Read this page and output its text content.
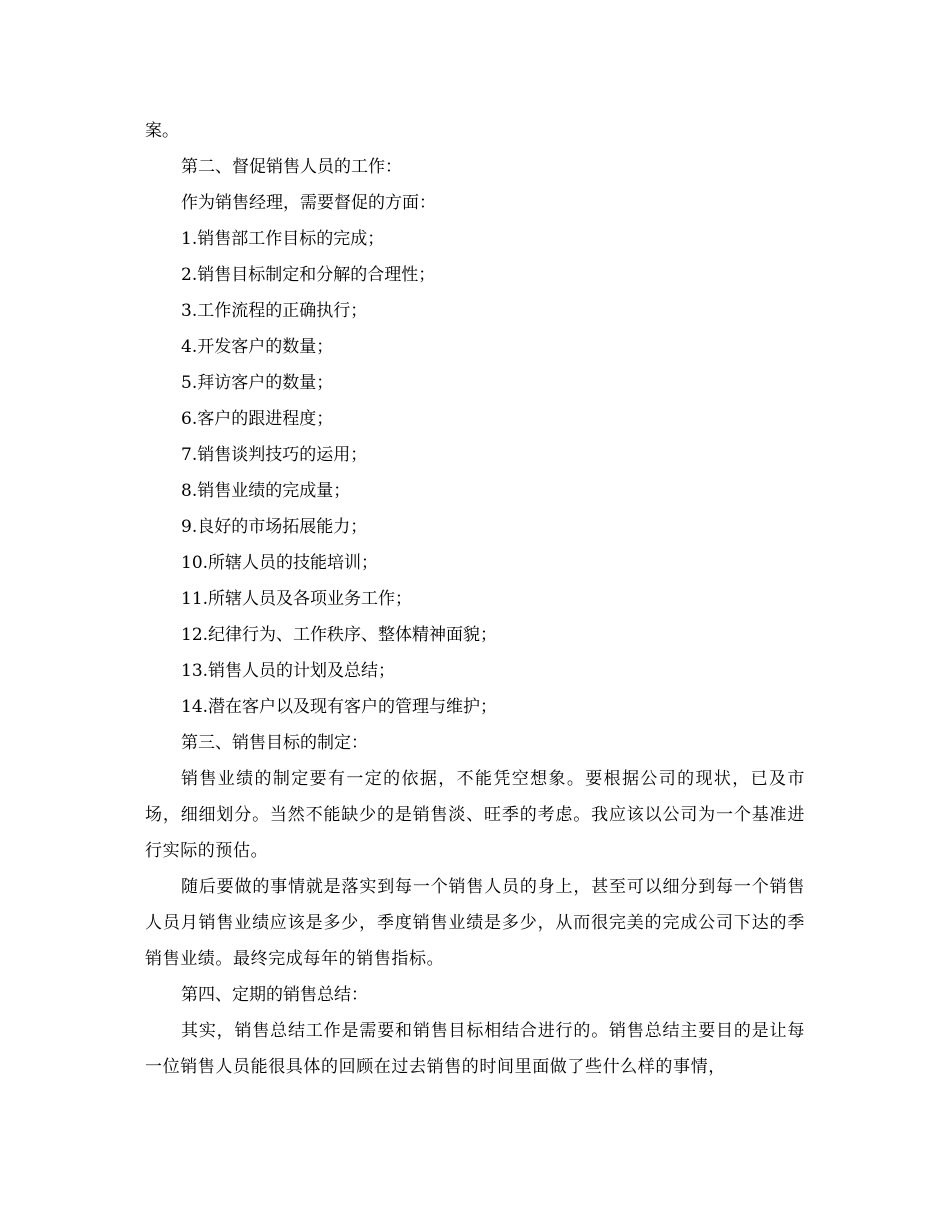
案。

第二、督促销售人员的工作：

作为销售经理，需要督促的方面：

1.销售部工作目标的完成；

2.销售目标制定和分解的合理性；

3.工作流程的正确执行；

4.开发客户的数量；

5.拜访客户的数量；

6.客户的跟进程度；

7.销售谈判技巧的运用；

8.销售业绩的完成量；

9.良好的市场拓展能力；

10.所辖人员的技能培训；

11.所辖人员及各项业务工作；

12.纪律行为、工作秩序、整体精神面貌；

13.销售人员的计划及总结；

14.潜在客户以及现有客户的管理与维护；

第三、销售目标的制定：

销售业绩的制定要有一定的依据，不能凭空想象。要根据公司的现状，已及市场，细细划分。当然不能缺少的是销售淡、旺季的考虑。我应该以公司为一个基准进行实际的预估。

随后要做的事情就是落实到每一个销售人员的身上，甚至可以细分到每一个销售人员月销售业绩应该是多少，季度销售业绩是多少，从而很完美的完成公司下达的季销售业绩。最终完成每年的销售指标。

第四、定期的销售总结：

其实，销售总结工作是需要和销售目标相结合进行的。销售总结主要目的是让每一位销售人员能很具体的回顾在过去销售的时间里面做了些什么样的事情，
